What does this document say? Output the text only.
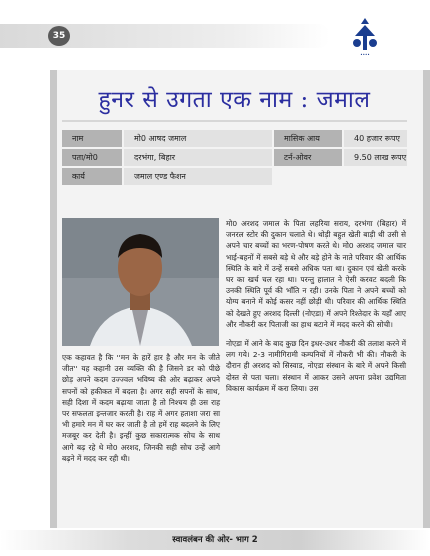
35
••••
हुनर से उगता एक नाम : जमाल
नाम	मो0 आषद जमाल	मासिक आय	40 हजार रूपए
पता/मो0	दरभंगा, बिहार	टर्न-ओवर	9.50 लाख रूपए
कार्य	जमाल एण्ड फैशन

एक कहावत है कि ''मन के हारें हार है और मन के जीते जीत'' यह कहानी उस व्यक्ति की है जिसने डर को पीछे छोड़ अपने कदम उज्ज्वल भविष्य की ओर बढ़ाकर अपने सपनों को हकीकत में बदला है। अगर सही सपनों के साथ, सही दिशा में कदम बढ़ाया जाता है तो निश्चय ही उस राह पर सफलता इन्तजार करती है। राह में अगर हताशा जरा सा भी हमारे मन में घर कर जाती है तो हमें राह बदलने के लिए मजबूर कर देती है। इन्हीं कुछ सकारात्मक सोच के साथ आगे बढ़ रहे थे मो0 अरशद, जिनकी सही सोच उन्हें आगे बढ़ने में मदद कर रही थी।

मो0 अरशद जमाल के पिता लहरिया सराय, दरभंगा (बिहार) में जनरल स्टोर की दुकान चलाते थे। थोड़ी बहुत खेती बाड़ी थी उसी से अपने चार बच्चों का भरण-पोषण करते थे। मो0 अरशद जमाल चार भाई-बहनों में सबसे बड़े थे और बड़े होने के नाते परिवार की आर्थिक स्थिति के बारे में उन्हें सबसे अधिक पता था। दुकान एवं खेती करके घर का खर्च चल रहा था। परन्तु हालात ने ऐसी करवट बदली कि उनकी स्थिति पूर्व की भाँति न रही। उनके पिता ने अपने बच्चों को योग्य बनाने में कोई कसर नहीं छोड़ी थी। परिवार की आर्थिक स्थिति को देखते हुए अरशद दिल्ली (नोएडा) में अपने रिश्तेदार के यहाँ आए और नौकरी कर पिताजी का हाथ बटाने में मदद करने की सोची।

नोएडा में आने के बाद कुछ दिन इधर-उधर नौकरी की तलाश करने में लग गये। 2-3 नामीगिरामी कम्पनियों में नौकरी भी की। नौकरी के दौरान ही अरशद को सिस्वाड, नोएडा संस्थान के बारे में अपने किसी दोस्त से पता चला। संस्थान में आकर उसने अपना प्रवेश उद्यमिता विकास कार्यक्रम में करा लिया। उस

स्वावलंबन की ओर- भाग 2
